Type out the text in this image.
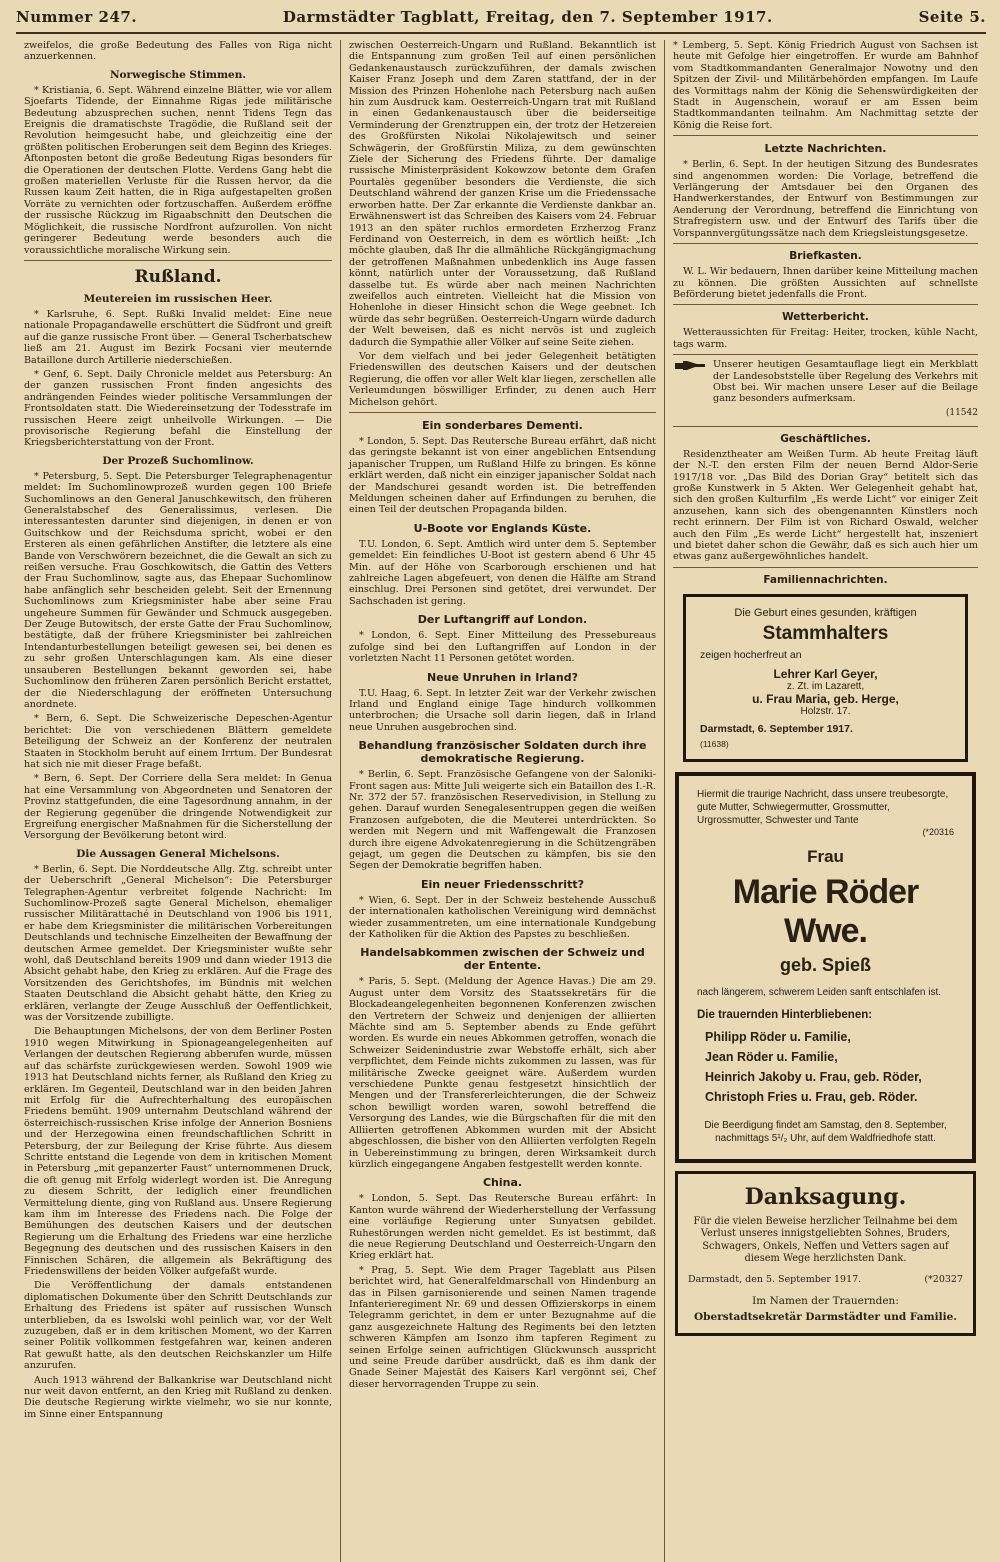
Nummer 247.	Darmstädter Tagblatt, Freitag, den 7. September 1917.	Seite 5.

zweifelos, die große Bedeutung des Falles von Riga nicht anzuerkennen.

Norwegische Stimmen.

* Kristiania, 6. Sept. Während einzelne Blätter, wie vor allem Sjoefarts Tidende, der Einnahme Rigas jede militärische Bedeutung abzusprechen suchen, nennt Tidens Tegn das Ereignis die dramatischste Tragödie, die Rußland seit der Revolution heimgesucht habe, und gleichzeitig eine der größten politischen Eroberungen seit dem Beginn des Krieges. Aftonposten betont die große Bedeutung Rigas besonders für die Operationen der deutschen Flotte. Verdens Gang hebt die großen materiellen Verluste für die Russen hervor, da die Russen kaum Zeit hatten, die in Riga aufgestapelten großen Vorräte zu vernichten oder fortzuschaffen. Außerdem eröffne der russische Rückzug im Rigaabschnitt den Deutschen die Möglichkeit, die russische Nordfront aufzurollen. Von nicht geringerer Bedeutung werde besonders auch die voraussichtliche moralische Wirkung sein.

Rußland.
Meutereien im russischen Heer.

* Karlsruhe, 6. Sept. Rußki Invalid meldet: Eine neue nationale Propagandawelle erschüttert die Südfront und greift auf die ganze russische Front über. — General Tscherbatschew ließ am 21. August im Bezirk Focsani vier meuternde Bataillone durch Artillerie niederschießen.

* Genf, 6. Sept. Daily Chronicle meldet aus Petersburg: An der ganzen russischen Front finden angesichts des andrängenden Feindes wieder politische Versammlungen der Frontsoldaten statt. Die Wiedereinsetzung der Todesstrafe im russischen Heere zeigt unheilvolle Wirkungen. — Die provisorische Regierung befahl die Einstellung der Kriegsberichterstattung von der Front.

Der Prozeß Suchomlinow.

* Petersburg, 5. Sept. Die Petersburger Telegraphenagentur meldet: Im Suchomlinowprozeß wurden gegen 100 Briefe Suchomlinows an den General Januschkewitsch, den früheren Generalstabschef des Generalissimus, verlesen. Die interessantesten darunter sind diejenigen, in denen er von Guitschkow und der Reichsduma spricht, wobei er den Ersteren als einen gefährlichen Anstifter, die letztere als eine Bande von Verschwörern bezeichnet, die die Gewalt an sich zu reißen versuche. Frau Goschkowitsch, die Gattin des Vetters der Frau Suchomlinow, sagte aus, das Ehepaar Suchomlinow habe anfänglich sehr bescheiden gelebt. Seit der Ernennung Suchomlinows zum Kriegsminister habe aber seine Frau ungeheure Summen für Gewänder und Schmuck ausgegeben. Der Zeuge Butowitsch, der erste Gatte der Frau Suchomlinow, bestätigte, daß der frühere Kriegsminister bei zahlreichen Intendanturbestellungen beteiligt gewesen sei, bei denen es zu sehr großen Unterschlagungen kam. Als eine dieser unsauberen Bestellungen bekannt geworden sei, habe Suchomlinow den früheren Zaren persönlich Bericht erstattet, der die Niederschlagung der eröffneten Untersuchung anordnete.

* Bern, 6. Sept. Die Schweizerische Depeschen-Agentur berichtet: Die von verschiedenen Blättern gemeldete Beteiligung der Schweiz an der Konferenz der neutralen Staaten in Stockholm beruht auf einem Irrtum. Der Bundesrat hat sich nie mit dieser Frage befaßt.

* Bern, 6. Sept. Der Corriere della Sera meldet: In Genua hat eine Versammlung von Abgeordneten und Senatoren der Provinz stattgefunden, die eine Tagesordnung annahm, in der der Regierung gegenüber die dringende Notwendigkeit zur Ergreifung energischer Maßnahmen für die Sicherstellung der Versorgung der Bevölkerung betont wird.

Die Aussagen General Michelsons.

* Berlin, 6. Sept. Die Norddeutsche Allg. Ztg. schreibt unter der Ueberschrift „General Michelson“: Die Petersburger Telegraphen-Agentur verbreitet folgende Nachricht: Im Suchomlinow-Prozeß sagte General Michelson, ehemaliger russischer Militärattaché in Deutschland von 1906 bis 1911, er habe dem Kriegsminister die militärischen Vorbereitungen Deutschlands und technische Einzelheiten der Bewaffnung der deutschen Armee gemeldet. Der Kriegsminister wußte sehr wohl, daß Deutschland bereits 1909 und dann wieder 1913 die Absicht gehabt habe, den Krieg zu erklären. Auf die Frage des Vorsitzenden des Gerichtshofes, im Bündnis mit welchen Staaten Deutschland die Absicht gehabt hätte, den Krieg zu erklären, verlangte der Zeuge Ausschluß der Oeffentlichkeit, was der Vorsitzende zubilligte.

Die Behauptungen Michelsons, der von dem Berliner Posten 1910 wegen Mitwirkung in Spionageangelegenheiten auf Verlangen der deutschen Regierung abberufen wurde, müssen auf das schärfste zurückgewiesen werden. Sowohl 1909 wie 1913 hat Deutschland nichts ferner, als Rußland den Krieg zu erklären. Im Gegenteil, Deutschland war in den beiden Jahren mit Erfolg für die Aufrechterhaltung des europäischen Friedens bemüht. 1909 unternahm Deutschland während der österreichisch-russischen Krise infolge der Annerion Bosniens und der Herzegowina einen freundschaftlichen Schritt in Petersburg, der zur Beilegung der Krise führte. Aus diesem Schritte entstand die Legende von dem in kritischen Moment in Petersburg „mit gepanzerter Faust“ unternommenen Druck, die oft genug mit Erfolg widerlegt worden ist. Die Anregung zu diesem Schritt, der lediglich einer freundlichen Vermittelung diente, ging von Rußland aus. Unsere Regierung kam ihm im Interesse des Friedens nach. Die Folge der Bemühungen des deutschen Kaisers und der deutschen Regierung um die Erhaltung des Friedens war eine herzliche Begegnung des deutschen und des russischen Kaisers in den Finnischen Schären, die allgemein als Bekräftigung des Friedenswillens der beiden Völker aufgefaßt wurde.

Die Veröffentlichung der damals entstandenen diplomatischen Dokumente über den Schritt Deutschlands zur Erhaltung des Friedens ist später auf russischen Wunsch unterblieben, da es Iswolski wohl peinlich war, vor der Welt zuzugeben, daß er in dem kritischen Moment, wo der Karren seiner Politik vollkommen festgefahren war, keinen anderen Rat gewußt hatte, als den deutschen Reichskanzler um Hilfe anzurufen.

Auch 1913 während der Balkankrise war Deutschland nicht nur weit davon entfernt, an den Krieg mit Rußland zu denken. Die deutsche Regierung wirkte vielmehr, wo sie nur konnte, im Sinne einer Entspannung

zwischen Oesterreich-Ungarn und Rußland. Bekanntlich ist die Entspannung zum großen Teil auf einen persönlichen Gedankenaustausch zurückzuführen, der damals zwischen Kaiser Franz Joseph und dem Zaren stattfand, der in der Mission des Prinzen Hohenlohe nach Petersburg nach außen hin zum Ausdruck kam. Oesterreich-Ungarn trat mit Rußland in einen Gedankenaustausch über die beiderseitige Verminderung der Grenztruppen ein, der trotz der Hetzereien des Großfürsten Nikolai Nikolajewitsch und seiner Schwägerin, der Großfürstin Miliza, zu dem gewünschten Ziele der Sicherung des Friedens führte. Der damalige russische Ministerpräsident Kokowzow betonte dem Grafen Pourtalès gegenüber besonders die Verdienste, die sich Deutschland während der ganzen Krise um die Friedenssache erworben hatte. Der Zar erkannte die Verdienste dankbar an. Erwähnenswert ist das Schreiben des Kaisers vom 24. Februar 1913 an den später ruchlos ermordeten Erzherzog Franz Ferdinand von Oesterreich, in dem es wörtlich heißt: „Ich möchte glauben, daß Ihr die allmähliche Rückgängigmachung der getroffenen Maßnahmen unbedenklich ins Auge fassen könnt, natürlich unter der Voraussetzung, daß Rußland dasselbe tut. Es würde aber nach meinen Nachrichten zweifellos auch eintreten. Vielleicht hat die Mission von Hohenlohe in dieser Hinsicht schon die Wege geebnet. Ich würde das sehr begrüßen. Oesterreich-Ungarn würde dadurch der Welt beweisen, daß es nicht nervös ist und zugleich dadurch die Sympathie aller Völker auf seine Seite ziehen.

Vor dem vielfach und bei jeder Gelegenheit betätigten Friedenswillen des deutschen Kaisers und der deutschen Regierung, die offen vor aller Welt klar liegen, zerschellen alle Verleumdungen böswilliger Erfinder, zu denen auch Herr Michelson gehört.

Ein sonderbares Dementi.

* London, 5. Sept. Das Reutersche Bureau erfährt, daß nicht das geringste bekannt ist von einer angeblichen Entsendung japanischer Truppen, um Rußland Hilfe zu bringen. Es könne erklärt werden, daß nicht ein einziger japanischer Soldat nach der Mandschurei gesandt worden ist. Die betreffenden Meldungen scheinen daher auf Erfindungen zu beruhen, die einen Teil der deutschen Propaganda bilden.

U-Boote vor Englands Küste.

T.U. London, 6. Sept. Amtlich wird unter dem 5. September gemeldet: Ein feindliches U-Boot ist gestern abend 6 Uhr 45 Min. auf der Höhe von Scarborough erschienen und hat zahlreiche Lagen abgefeuert, von denen die Hälfte am Strand einschlug. Drei Personen sind getötet, drei verwundet. Der Sachschaden ist gering.

Der Luftangriff auf London.

* London, 6. Sept. Einer Mitteilung des Pressebureaus zufolge sind bei den Luftangriffen auf London in der vorletzten Nacht 11 Personen getötet worden.

Neue Unruhen in Irland?

T.U. Haag, 6. Sept. In letzter Zeit war der Verkehr zwischen Irland und England einige Tage hindurch vollkommen unterbrochen; die Ursache soll darin liegen, daß in Irland neue Unruhen ausgebrochen sind.

Behandlung französischer Soldaten durch ihre demokratische Regierung.

* Berlin, 6. Sept. Französische Gefangene von der Saloniki-Front sagen aus: Mitte Juli weigerte sich ein Bataillon des I.-R. Nr. 372 der 57. französischen Reservedivision, in Stellung zu gehen. Darauf wurden Senegalesentruppen gegen die weißen Franzosen aufgeboten, die die Meuterei unterdrückten. So werden mit Negern und mit Waffengewalt die Franzosen durch ihre eigene Advokatenregierung in die Schützengräben gejagt, um gegen die Deutschen zu kämpfen, bis sie den Segen der Demokratie begriffen haben.

Ein neuer Friedensschritt?

* Wien, 6. Sept. Der in der Schweiz bestehende Ausschuß der internationalen katholischen Vereinigung wird demnächst wieder zusammentreten, um eine internationale Kundgebung der Katholiken für die Aktion des Papstes zu beschließen.

Handelsabkommen zwischen der Schweiz und der Entente.

* Paris, 5. Sept. (Meldung der Agence Havas.) Die am 29. August unter dem Vorsitz des Staatssekretärs für die Blockadeangelegenheiten begonnenen Konferenzen zwischen den Vertretern der Schweiz und denjenigen der alliierten Mächte sind am 5. September abends zu Ende geführt worden. Es wurde ein neues Abkommen getroffen, wonach die Schweizer Seidenindustrie zwar Webstoffe erhält, sich aber verpflichtet, dem Feinde nichts zukommen zu lassen, was für militärische Zwecke geeignet wäre. Außerdem wurden verschiedene Punkte genau festgesetzt hinsichtlich der Mengen und der Transfererleichterungen, die der Schweiz schon bewilligt worden waren, sowohl betreffend die Versorgung des Landes, wie die Bürgschaften für die mit den Alliierten getroffenen Abkommen wurden mit der Absicht abgeschlossen, die bisher von den Alliierten verfolgten Regeln in Uebereinstimmung zu bringen, deren Wirksamkeit durch kürzlich eingegangene Angaben festgestellt werden konnte.

China.

* London, 5. Sept. Das Reutersche Bureau erfährt: In Kanton wurde während der Wiederherstellung der Verfassung eine vorläufige Regierung unter Sunyatsen gebildet. Ruhestörungen werden nicht gemeldet. Es ist bestimmt, daß die neue Regierung Deutschland und Oesterreich-Ungarn den Krieg erklärt hat.

* Prag, 5. Sept. Wie dem Prager Tageblatt aus Pilsen berichtet wird, hat Generalfeldmarschall von Hindenburg an das in Pilsen garnisonierende und seinen Namen tragende Infanterieregiment Nr. 69 und dessen Offizierskorps in einem Telegramm gerichtet, in dem er unter Bezugnahme auf die ganz ausgezeichnete Haltung des Regiments bei den letzten schweren Kämpfen am Isonzo ihm tapferen Regiment zu seinen Erfolge seinen aufrichtigen Glückwunsch ausspricht und seine Freude darüber ausdrückt, daß es ihm dank der Gnade Seiner Majestät des Kaisers Karl vergönnt sei, Chef dieser hervorragenden Truppe zu sein.

* Lemberg, 5. Sept. König Friedrich August von Sachsen ist heute mit Gefolge hier eingetroffen. Er wurde am Bahnhof vom Stadtkommandanten Generalmajor Nowotny und den Spitzen der Zivil- und Militärbehörden empfangen. Im Laufe des Vormittags nahm der König die Sehenswürdigkeiten der Stadt in Augenschein, worauf er am Essen beim Stadtkommandanten teilnahm. Am Nachmittag setzte der König die Reise fort.

Letzte Nachrichten.

* Berlin, 6. Sept. In der heutigen Sitzung des Bundesrates sind angenommen worden: Die Vorlage, betreffend die Verlängerung der Amtsdauer bei den Organen des Handwerkerstandes, der Entwurf von Bestimmungen zur Aenderung der Verordnung, betreffend die Einrichtung von Strafregistern usw. und der Entwurf des Tarifs über die Vorspannvergütungssätze nach dem Kriegsleistungsgesetze.

Briefkasten.

W. L. Wir bedauern, Ihnen darüber keine Mitteilung machen zu können. Die größten Aussichten auf schnellste Beförderung bietet jedenfalls die Front.

Wetterbericht.

Wetteraussichten für Freitag: Heiter, trocken, kühle Nacht, tags warm.

Unserer heutigen Gesamtauflage liegt ein Merkblatt der Landesobststelle über Regelung des Verkehrs mit Obst bei. Wir machen unsere Leser auf die Beilage ganz besonders aufmerksam.

(11542

Geschäftliches.

Residenztheater am Weißen Turm. Ab heute Freitag läuft der N.-T. den ersten Film der neuen Bernd Aldor-Serie 1917/18 vor. „Das Bild des Dorian Gray“ betitelt sich das große Kunstwerk in 5 Akten. Wer Gelegenheit gehabt hat, sich den großen Kulturfilm „Es werde Licht“ vor einiger Zeit anzusehen, kann sich des obengenannten Künstlers noch recht erinnern. Der Film ist von Richard Oswald, welcher auch den Film „Es werde Licht“ hergestellt hat, inszeniert und bietet daher schon die Gewähr, daß es sich auch hier um etwas ganz außergewöhnliches handelt.

Familiennachrichten.
Die Geburt eines gesunden, kräftigen
Stammhalters
zeigen hocherfreut an
Lehrer Karl Geyer,
z. Zt. im Lazarett,
u. Frau Maria, geb. Herge,
Holzstr. 17.
Darmstadt, 6. September 1917.
(11638)
Hiermit die traurige Nachricht, dass unsere treubesorgte, gute Mutter, Schwiegermutter, Grossmutter, Urgrossmutter, Schwester und Tante
(*20316
Frau
Marie Röder Wwe.
geb. Spieß
nach längerem, schwerem Leiden sanft entschlafen ist.
Die trauernden Hinterbliebenen:
Philipp Röder u. Familie,
Jean Röder u. Familie,
Heinrich Jakoby u. Frau, geb. Röder,
Christoph Fries u. Frau, geb. Röder.
Die Beerdigung findet am Samstag, den 8. September, nachmittags 5¹/₂ Uhr, auf dem Waldfriedhofe statt.
Danksagung.
Für die vielen Beweise herzlicher Teilnahme bei dem Verlust unseres innigstgeliebten Sohnes, Bruders, Schwagers, Onkels, Neffen und Vetters sagen auf diesem Wege herzlichsten Dank.
Darmstadt, den 5. September 1917.	(*20327
Im Namen der Trauernden:
Oberstadtsekretär Darmstädter und Familie.
